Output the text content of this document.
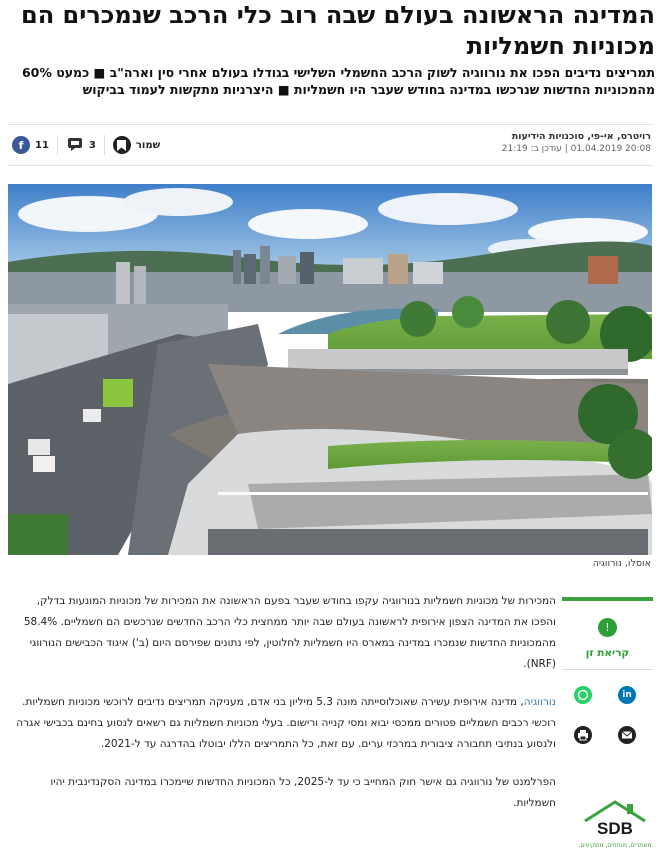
המדינה הראשונה בעולם שבה רוב כלי הרכב שנמכרים הם מכוניות חשמליות

תמריצים נדיבים הפכו את נורווגיה לשוק הרכב החשמלי השלישי בגודלו בעולם אחרי סין וארה"ב ■ כמעט 60% מהמכוניות החדשות שנרכשו במדינה בחודש שעבר היו חשמליות ■ היצרניות מתקשות לעמוד בביקוש

רויטרס, אי-פי, סוכנויות הידיעות
20:08 01.04.2019 | עודכן ב: 21:19
f	11	3	שמור
אוסלו, נורווגיה

המכירות של מכוניות חשמליות בנורווגיה עקפו בחודש שעבר בפעם הראשונה את המכירות של מכוניות המונעות בדלק, והפכו את המדינה הצפון אירופית לראשונה בעולם שבה יותר ממחצית כלי הרכב החדשים שנרכשים הם חשמליים. 58.4% מהמכוניות החדשות שנמכרו במדינה במארס היו חשמליות לחלוטין, לפי נתונים שפירסם היום (ב') איגוד הכבישים הנורווגי (NRF).

נורווגיה, מדינה אירופית עשירה שאוכלוסייתה מונה 5.3 מיליון בני אדם, מעניקה תמריצים נדיבים לרוכשי מכוניות חשמליות. רוכשי רכבים חשמליים פטורים ממכסי יבוא ומסי קנייה ורישום. בעלי מכוניות חשמליות גם רשאים לנסוע בחינם בכבישי אגרה ולנסוע בנתיבי תחבורה ציבורית במרכזי ערים. עם זאת, כל התמריצים הללו יבוטלו בהדרגה עד ל-2021.

הפרלמנט של נורווגיה גם אישר חוק המחייב כי עד ל-2025, כל המכוניות החדשות שיימכרו במדינה הסקנדינבית יהיו חשמליות.

!
קריאת זן
in
SDB
מאתרים, מנתחים, משקיעים.
